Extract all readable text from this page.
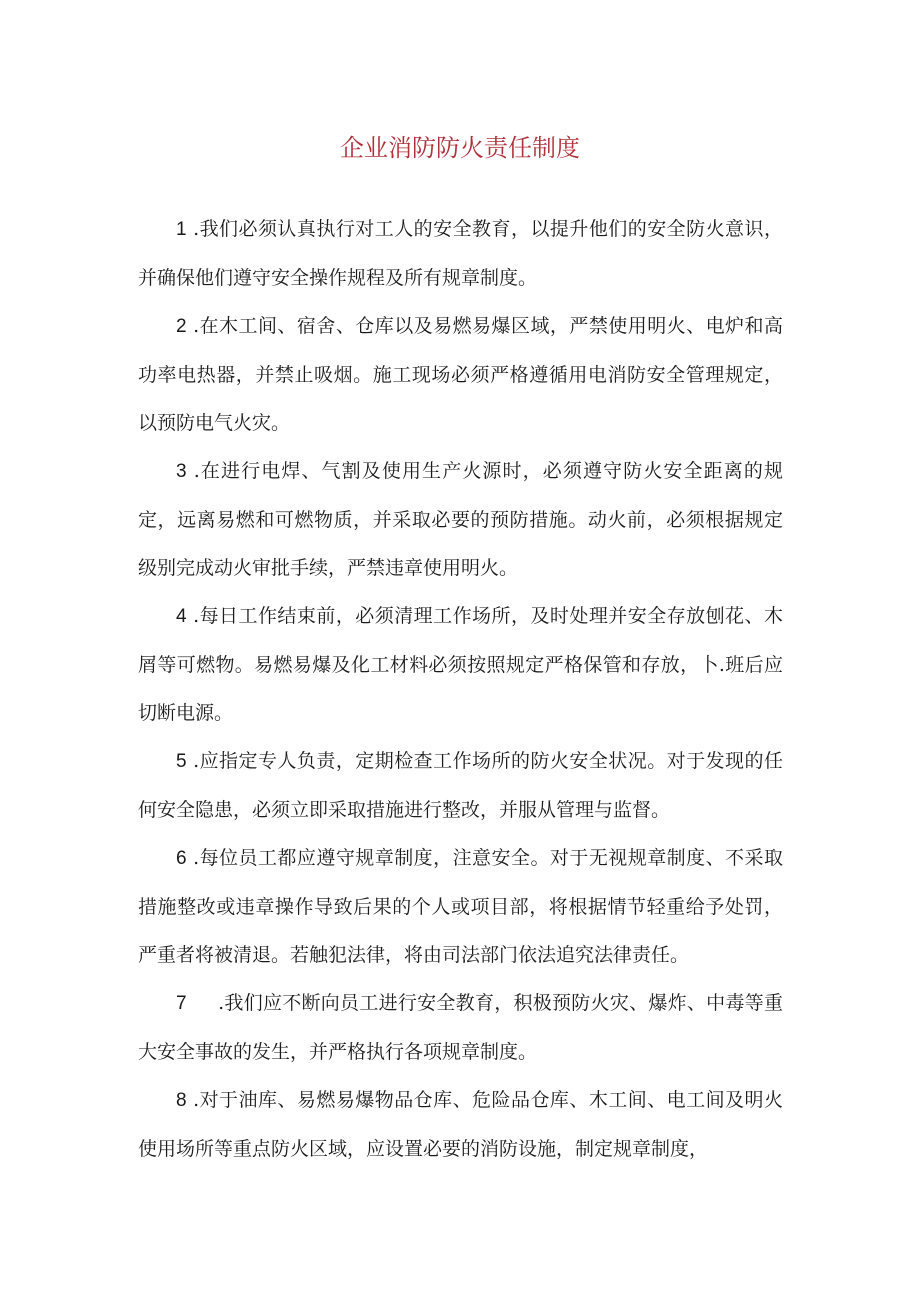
企业消防防火责任制度

1 .我们必须认真执行对工人的安全教育，以提升他们的安全防火意识，并确保他们遵守安全操作规程及所有规章制度。

2 .在木工间、宿舍、仓库以及易燃易爆区域，严禁使用明火、电炉和高功率电热器，并禁止吸烟。施工现场必须严格遵循用电消防安全管理规定，以预防电气火灾。

3 .在进行电焊、气割及使用生产火源时，必须遵守防火安全距离的规定，远离易燃和可燃物质，并采取必要的预防措施。动火前，必须根据规定级别完成动火审批手续，严禁违章使用明火。

4 .每日工作结束前，必须清理工作场所，及时处理并安全存放刨花、木屑等可燃物。易燃易爆及化工材料必须按照规定严格保管和存放，卜.班后应切断电源。

5 .应指定专人负责，定期检查工作场所的防火安全状况。对于发现的任何安全隐患，必须立即采取措施进行整改，并服从管理与监督。

6 .每位员工都应遵守规章制度，注意安全。对于无视规章制度、不采取措施整改或违章操作导致后果的个人或项目部，将根据情节轻重给予处罚，严重者将被清退。若触犯法律，将由司法部门依法追究法律责任。

7     .我们应不断向员工进行安全教育，积极预防火灾、爆炸、中毒等重大安全事故的发生，并严格执行各项规章制度。

8 .对于油库、易燃易爆物品仓库、危险品仓库、木工间、电工间及明火使用场所等重点防火区域，应设置必要的消防设施，制定规章制度，
